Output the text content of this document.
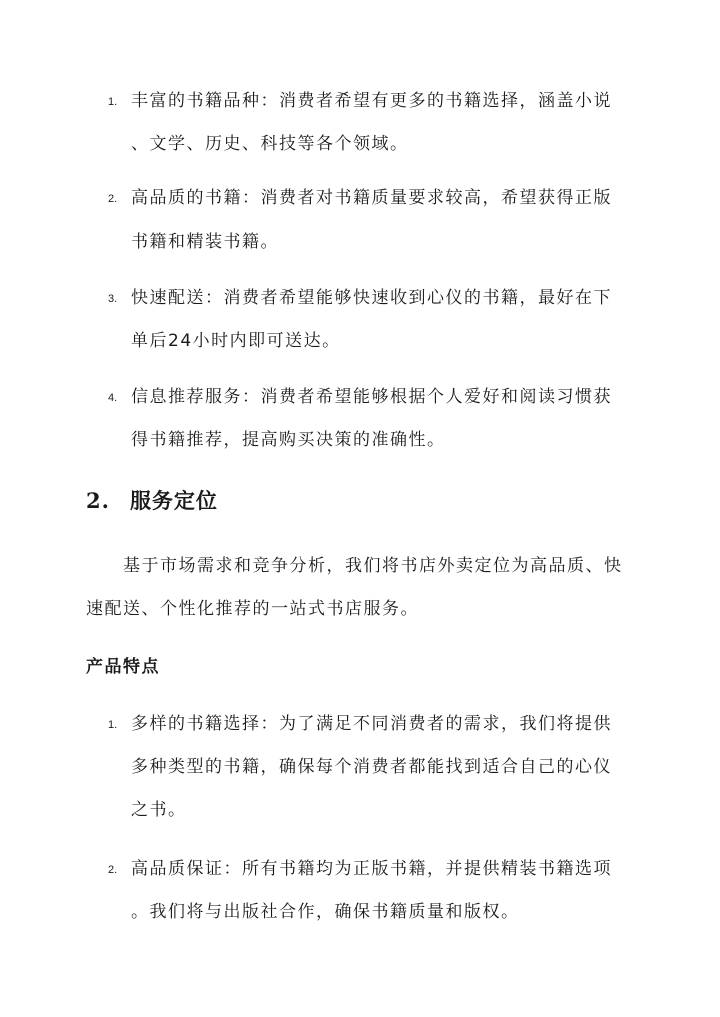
1. 丰富的书籍品种：消费者希望有更多的书籍选择，涵盖小说
、文学、历史、科技等各个领域。
2. 高品质的书籍：消费者对书籍质量要求较高，希望获得正版
书籍和精装书籍。
3. 快速配送：消费者希望能够快速收到心仪的书籍，最好在下
单后24小时内即可送达。
4. 信息推荐服务：消费者希望能够根据个人爱好和阅读习惯获
得书籍推荐，提高购买决策的准确性。
2. 服务定位
基于市场需求和竞争分析，我们将书店外卖定位为高品质、快
速配送、个性化推荐的一站式书店服务。
产品特点
1. 多样的书籍选择：为了满足不同消费者的需求，我们将提供
多种类型的书籍，确保每个消费者都能找到适合自己的心仪
之书。
2. 高品质保证：所有书籍均为正版书籍，并提供精装书籍选项
。我们将与出版社合作，确保书籍质量和版权。
